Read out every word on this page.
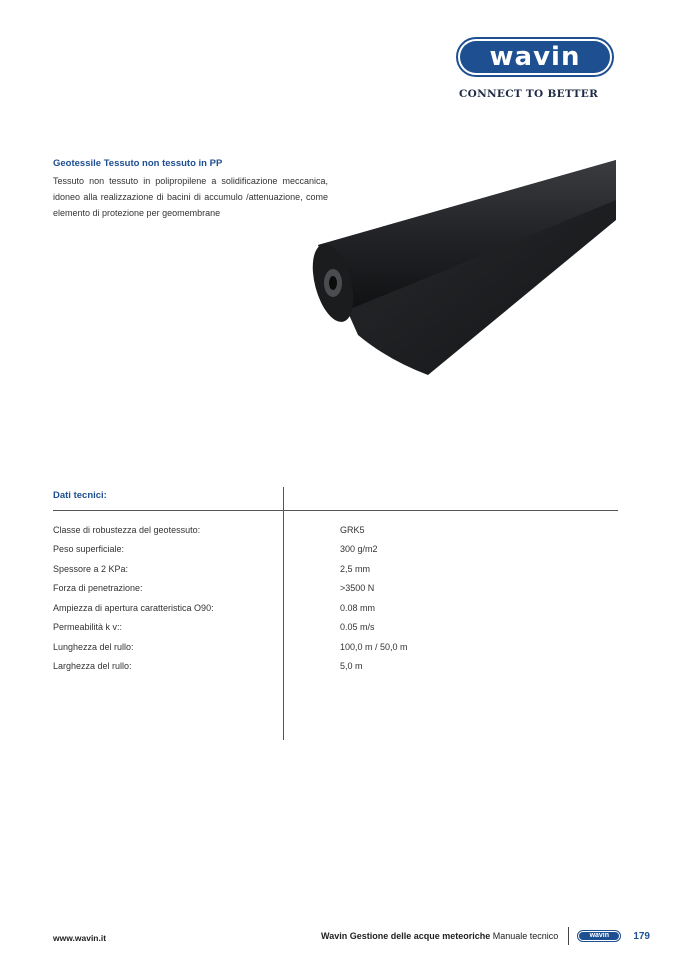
wavin
CONNECT TO BETTER
Geotessile Tessuto non tessuto in PP
Tessuto non tessuto in polipropilene a solidificazione meccanica, idoneo alla realizzazione di bacini di accumulo /attenuazione, come elemento di protezione per geomembrane
Dati tecnici:
Classe di robustezza del geotessuto:	GRK5
Peso superficiale:	300 g/m2
Spessore a 2 KPa:	2,5 mm
Forza di penetrazione:	>3500 N
Ampiezza di apertura caratteristica O90:	0.08 mm
Permeabilità k v::	0.05 m/s
Lunghezza del rullo:	100,0 m / 50,0 m
Larghezza del rullo:	5,0 m
www.wavin.it	Wavin Gestione delle acque meteoriche Manuale tecnico	wavin	179
